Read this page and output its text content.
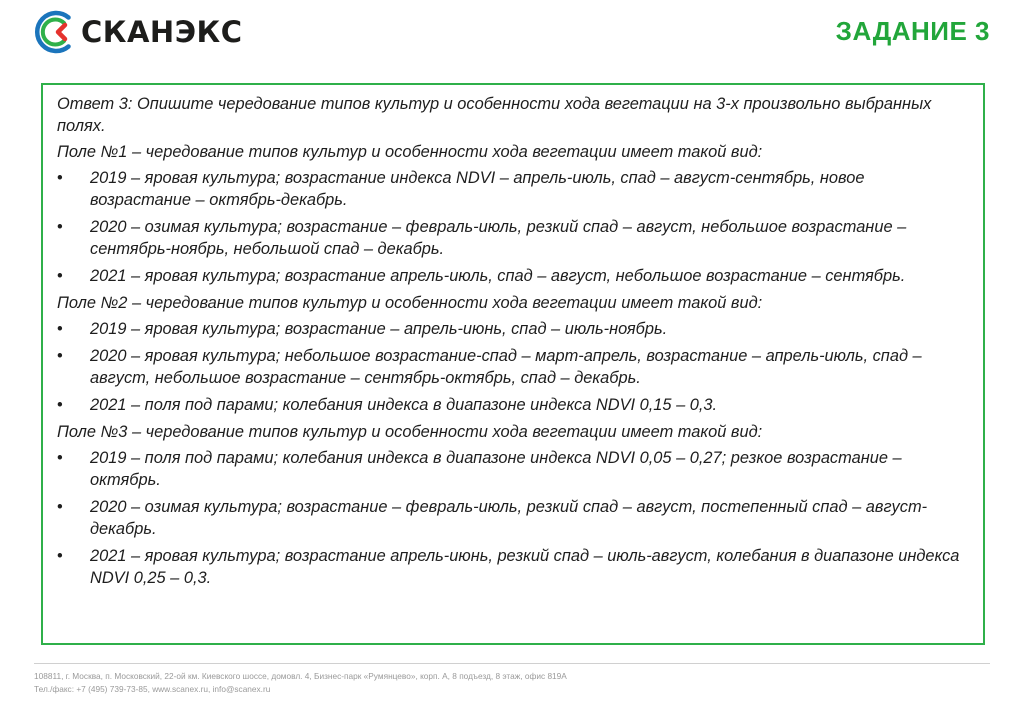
СКАНЭКС	ЗАДАНИЕ 3

Ответ 3: Опишите чередование типов культур и особенности хода вегетации на 3-х произвольно выбранных полях.

Поле №1 – чередование типов культур и особенности хода вегетации имеет такой вид:

• 2019 – яровая культура; возрастание индекса NDVI – апрель-июль, спад – август-сентябрь, новое возрастание – октябрь-декабрь.
• 2020 – озимая культура; возрастание – февраль-июль, резкий спад – август, небольшое возрастание – сентябрь-ноябрь, небольшой спад – декабрь.
• 2021 – яровая культура; возрастание апрель-июль, спад – август, небольшое возрастание – сентябрь.

Поле №2 – чередование типов культур и особенности хода вегетации имеет такой вид:

• 2019 – яровая культура; возрастание – апрель-июнь, спад – июль-ноябрь.
• 2020 – яровая культура; небольшое возрастание-спад – март-апрель, возрастание – апрель-июль, спад – август, небольшое возрастание – сентябрь-октябрь, спад – декабрь.
• 2021 – поля под парами; колебания индекса в диапазоне индекса NDVI 0,15 – 0,3.

Поле №3 – чередование типов культур и особенности хода вегетации имеет такой вид:

• 2019 – поля под парами; колебания индекса в диапазоне индекса NDVI 0,05 – 0,27; резкое возрастание – октябрь.
• 2020 – озимая культура; возрастание – февраль-июль, резкий спад – август, постепенный спад – август-декабрь.
• 2021 – яровая культура; возрастание апрель-июнь, резкий спад – июль-август, колебания в диапазоне индекса NDVI 0,25 – 0,3.
108811, г. Москва, п. Московский, 22-ой км. Киевского шоссе, домовл. 4, Бизнес-парк «Румянцево», корп. А, 8 подъезд, 8 этаж, офис 819А
Тел./факс: +7 (495) 739-73-85, www.scanex.ru, info@scanex.ru
